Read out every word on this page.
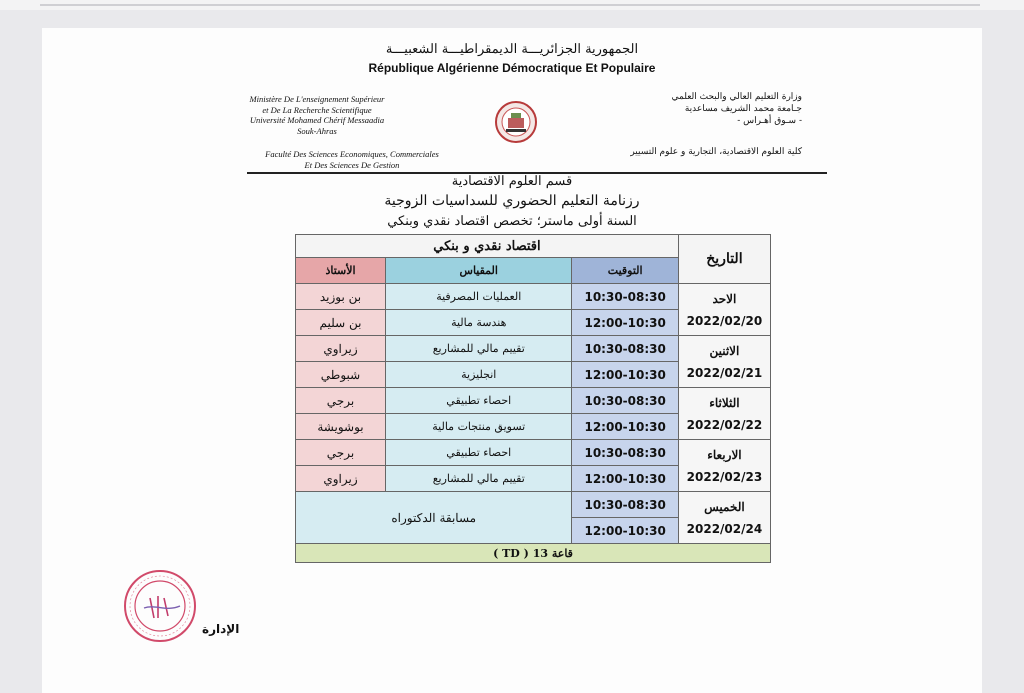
الجمهورية الجزائريـــة الديمقراطيـــة الشعبيـــة
République Algérienne Démocratique Et Populaire
Ministère De L'enseignement Supérieur
et De La Recherche Scientifique
Université Mohamed Chérif Messaadia
Souk-Ahras
Faculté Des Sciences Economiques, Commerciales
Et Des Sciences De Gestion
وزارة التعليم العالي والبحث العلمي
جـامعة محمد الشريف مساعدية
- سـوق أهـراس -
كلية العلوم الاقتصادية، التجارية و علوم التسيير
قسم العلوم الاقتصادية
رزنامة التعليم الحضوري للسداسيات الزوجية
السنة أولى ماستر؛ تخصص اقتصاد نقدي وبنكي
التاريخ	اقتصاد نقدي و بنكي		
	التوقيت	المقياس	الأستاذ

الاحد
2022/02/20	10:30-08:30	العمليات المصرفية	بن بوزيد
	12:00-10:30	هندسة مالية	بن سليم

الاثنين
2022/02/21	10:30-08:30	تقييم مالي للمشاريع	زيراوي
	12:00-10:30	انجليزية	شبوطي

الثلاثاء
2022/02/22	10:30-08:30	احصاء تطبيقي	برجي
	12:00-10:30	تسويق منتجات مالية	بوشويشة

الاربعاء
2022/02/23	10:30-08:30	احصاء تطبيقي	برجي
	12:00-10:30	تقييم مالي للمشاريع	زيراوي

الخميس
2022/02/24	10:30-08:30	مسابقة الدكتوراه	
	12:00-10:30		
قاعة 13 ( TD )			
الإدارة
